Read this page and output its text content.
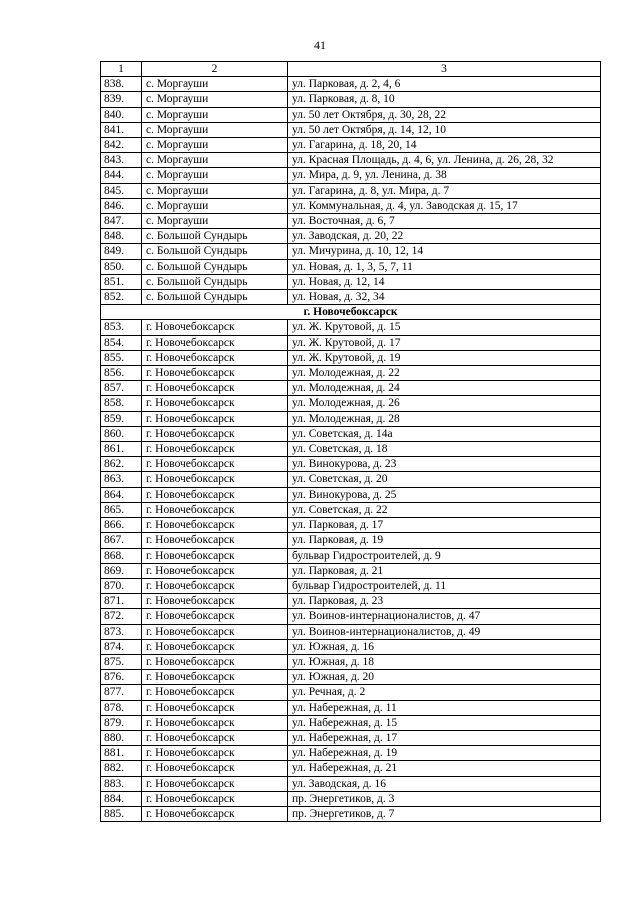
41
1	2	3
838.	с. Моргауши	ул. Парковая, д. 2, 4, 6
839.	с. Моргауши	ул. Парковая, д. 8, 10
840.	с. Моргауши	ул. 50 лет Октября, д. 30, 28, 22
841.	с. Моргауши	ул. 50 лет Октября, д. 14, 12, 10
842.	с. Моргауши	ул. Гагарина, д. 18, 20, 14
843.	с. Моргауши	ул. Красная Площадь, д. 4, 6, ул. Ленина, д. 26, 28, 32
844.	с. Моргауши	ул. Мира, д. 9, ул. Ленина, д. 38
845.	с. Моргауши	ул. Гагарина, д. 8, ул. Мира, д. 7
846.	с. Моргауши	ул. Коммунальная, д. 4, ул. Заводская д. 15, 17
847.	с. Моргауши	ул. Восточная, д. 6, 7
848.	с. Большой Сундырь	ул. Заводская, д. 20, 22
849.	с. Большой Сундырь	ул. Мичурина, д. 10, 12, 14
850.	с. Большой Сундырь	ул. Новая, д. 1, 3, 5, 7, 11
851.	с. Большой Сундырь	ул. Новая, д. 12, 14
852.	с. Большой Сундырь	ул. Новая, д. 32, 34
г. Новочебоксарск		
853.	г. Новочебоксарск	ул. Ж. Крутовой, д. 15
854.	г. Новочебоксарск	ул. Ж. Крутовой, д. 17
855.	г. Новочебоксарск	ул. Ж. Крутовой, д. 19
856.	г. Новочебоксарск	ул. Молодежная, д. 22
857.	г. Новочебоксарск	ул. Молодежная, д. 24
858.	г. Новочебоксарск	ул. Молодежная, д. 26
859.	г. Новочебоксарск	ул. Молодежная, д. 28
860.	г. Новочебоксарск	ул. Советская, д. 14а
861.	г. Новочебоксарск	ул. Советская, д. 18
862.	г. Новочебоксарск	ул. Винокурова, д. 23
863.	г. Новочебоксарск	ул. Советская, д. 20
864.	г. Новочебоксарск	ул. Винокурова, д. 25
865.	г. Новочебоксарск	ул. Советская, д. 22
866.	г. Новочебоксарск	ул. Парковая, д. 17
867.	г. Новочебоксарск	ул. Парковая, д. 19
868.	г. Новочебоксарск	бульвар Гидростроителей, д. 9
869.	г. Новочебоксарск	ул. Парковая, д. 21
870.	г. Новочебоксарск	бульвар Гидростроителей, д. 11
871.	г. Новочебоксарск	ул. Парковая, д. 23
872.	г. Новочебоксарск	ул. Воинов-интернационалистов, д. 47
873.	г. Новочебоксарск	ул. Воинов-интернационалистов, д. 49
874.	г. Новочебоксарск	ул. Южная, д. 16
875.	г. Новочебоксарск	ул. Южная, д. 18
876.	г. Новочебоксарск	ул. Южная, д. 20
877.	г. Новочебоксарск	ул. Речная, д. 2
878.	г. Новочебоксарск	ул. Набережная, д. 11
879.	г. Новочебоксарск	ул. Набережная, д. 15
880.	г. Новочебоксарск	ул. Набережная, д. 17
881.	г. Новочебоксарск	ул. Набережная, д. 19
882.	г. Новочебоксарск	ул. Набережная, д. 21
883.	г. Новочебоксарск	ул. Заводская, д. 16
884.	г. Новочебоксарск	пр. Энергетиков, д. 3
885.	г. Новочебоксарск	пр. Энергетиков, д. 7
